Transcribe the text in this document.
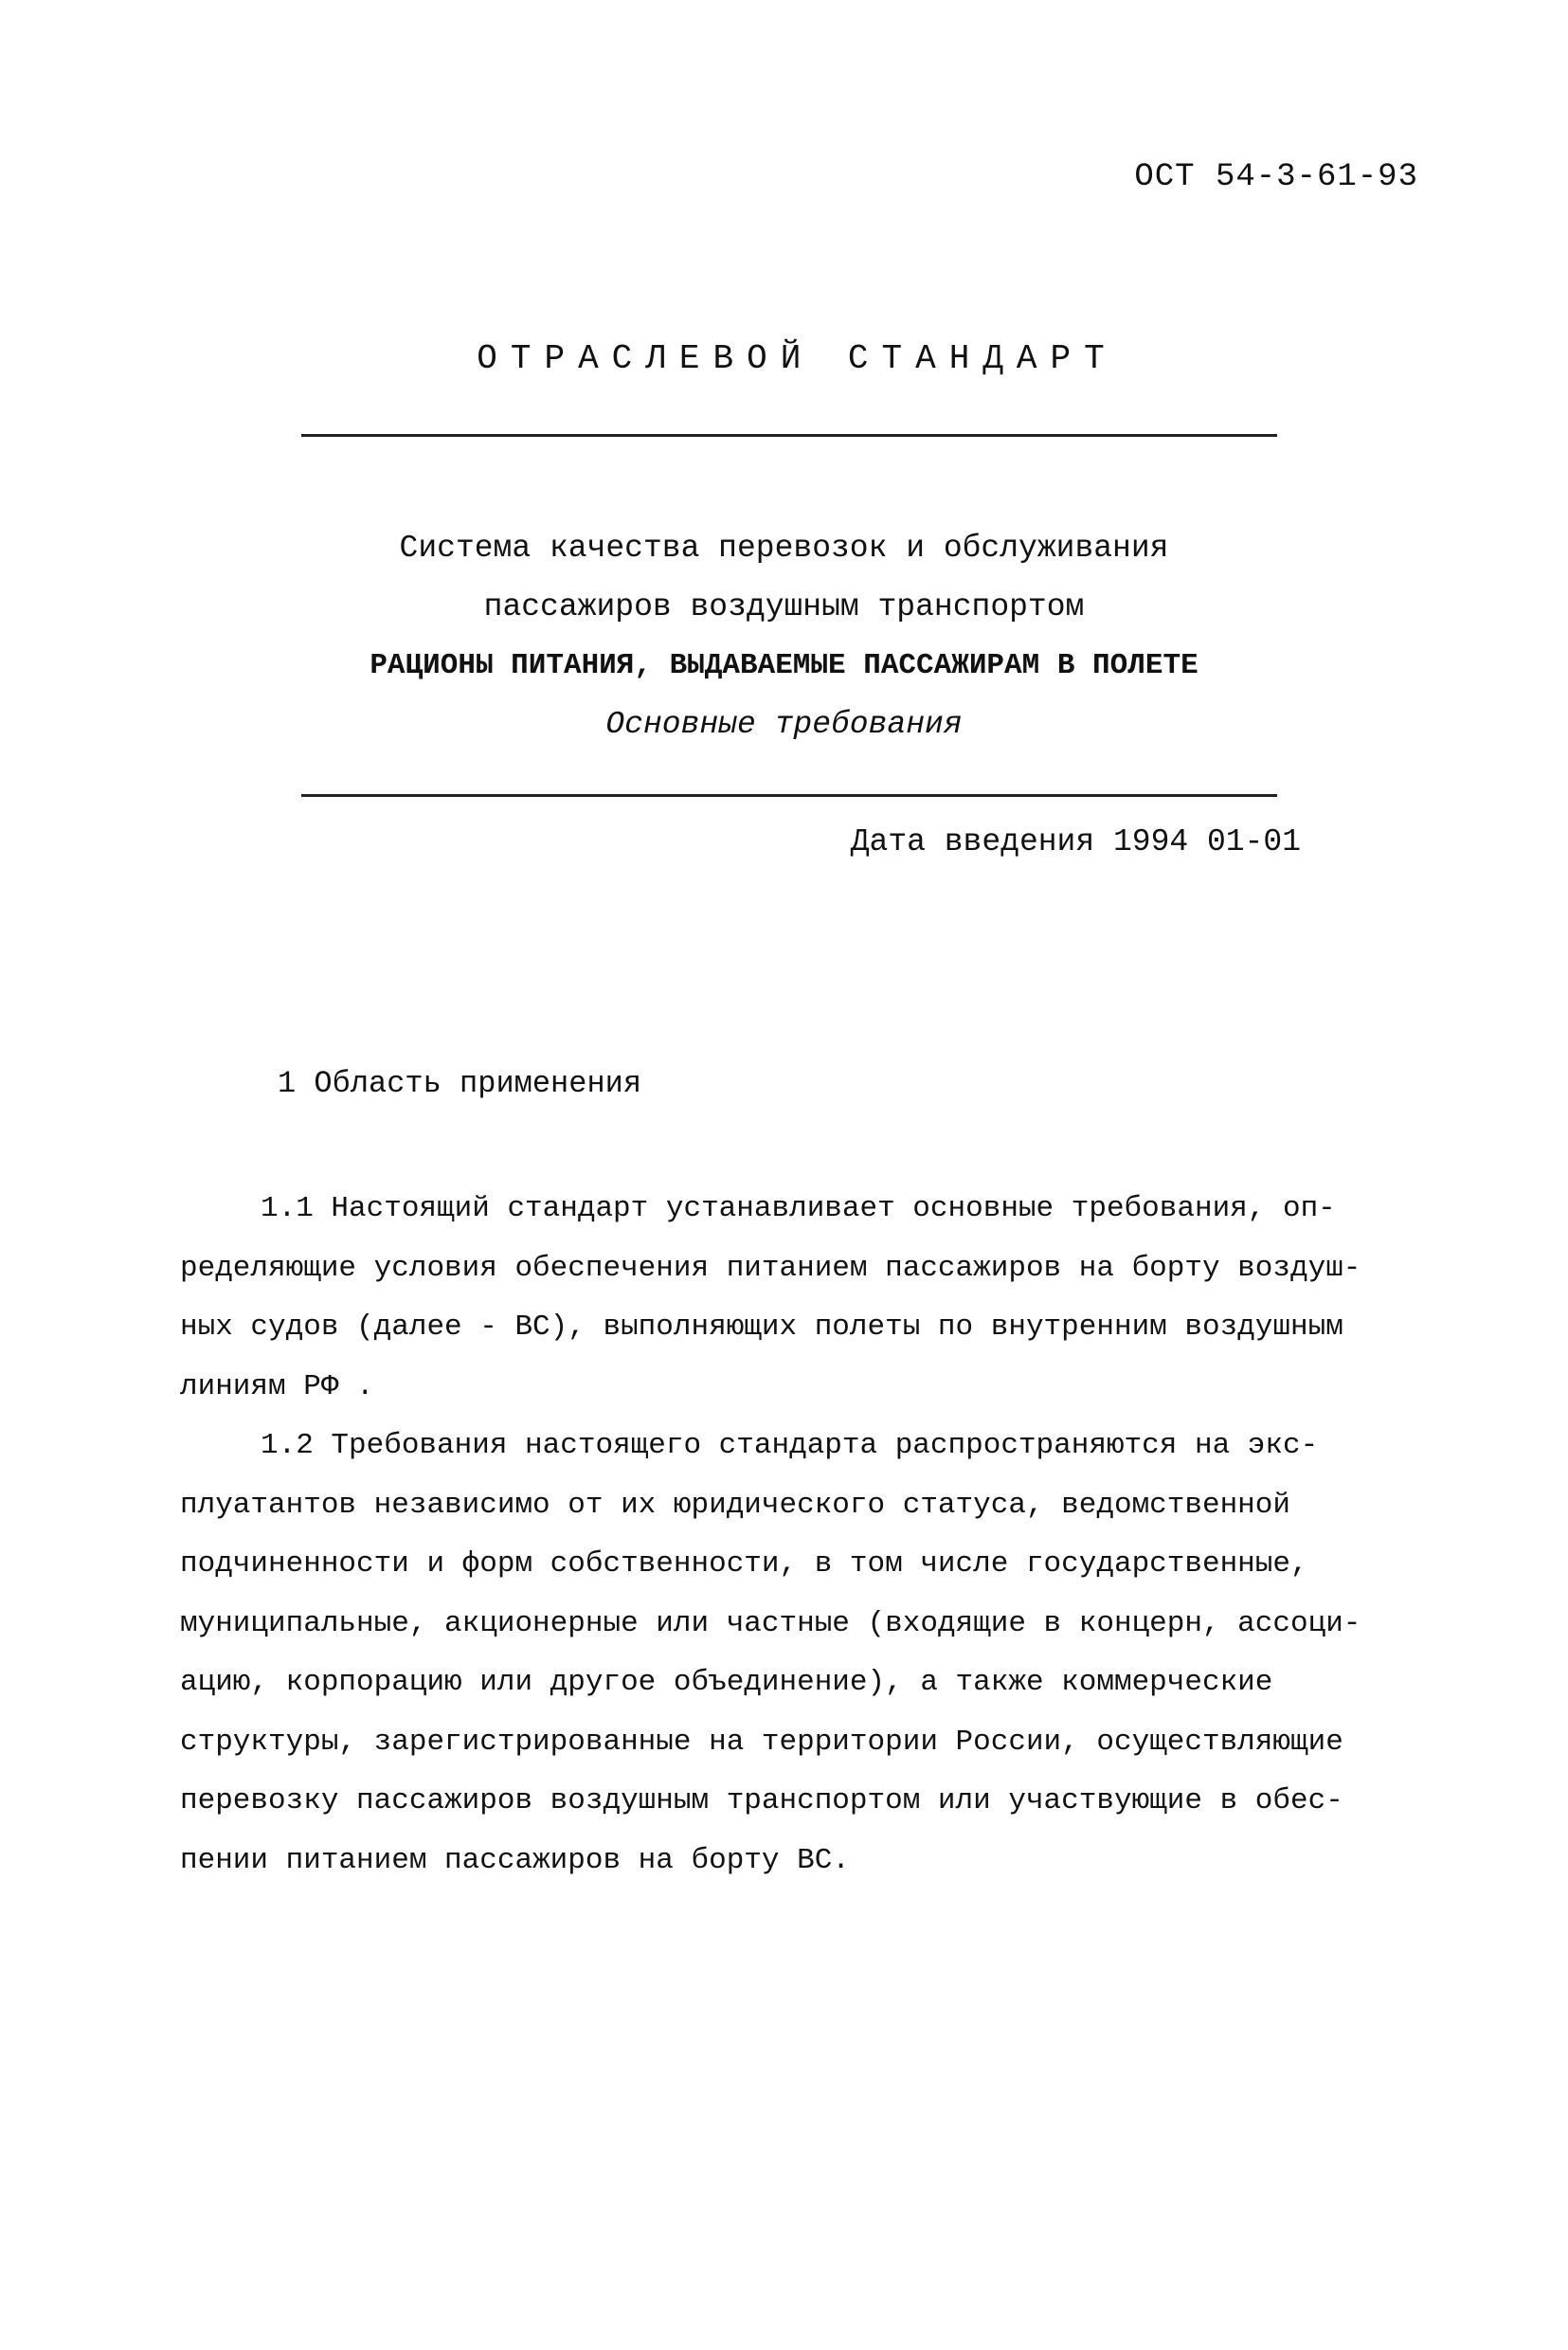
ОСТ 54-3-61-93
ОТРАСЛЕВОЙ СТАНДАРТ
Система качества перевозок и обслуживания
пассажиров воздушным транспортом
РАЦИОНЫ ПИТАНИЯ, ВЫДАВАЕМЫЕ ПАССАЖИРАМ В ПОЛЕТЕ
Основные требования
Дата введения 1994 01-01
1 Область применения
1.1 Настоящий стандарт устанавливает основные требования, оп-
ределяющие условия обеспечения питанием пассажиров на борту воздуш-
ных судов (далее - ВС), выполняющих полеты по внутренним воздушным
линиям РФ .
1.2 Требования настоящего стандарта распространяются на экс-
плуатантов независимо от их юридического статуса, ведомственной
подчиненности и форм собственности, в том числе государственные,
муниципальные, акционерные или частные (входящие в концерн, ассоци-
ацию, корпорацию или другое объединение), а также коммерческие
структуры, зарегистрированные на территории России, осуществляющие
перевозку пассажиров воздушным транспортом или участвующие в обес-
пении питанием пассажиров на борту ВС.
